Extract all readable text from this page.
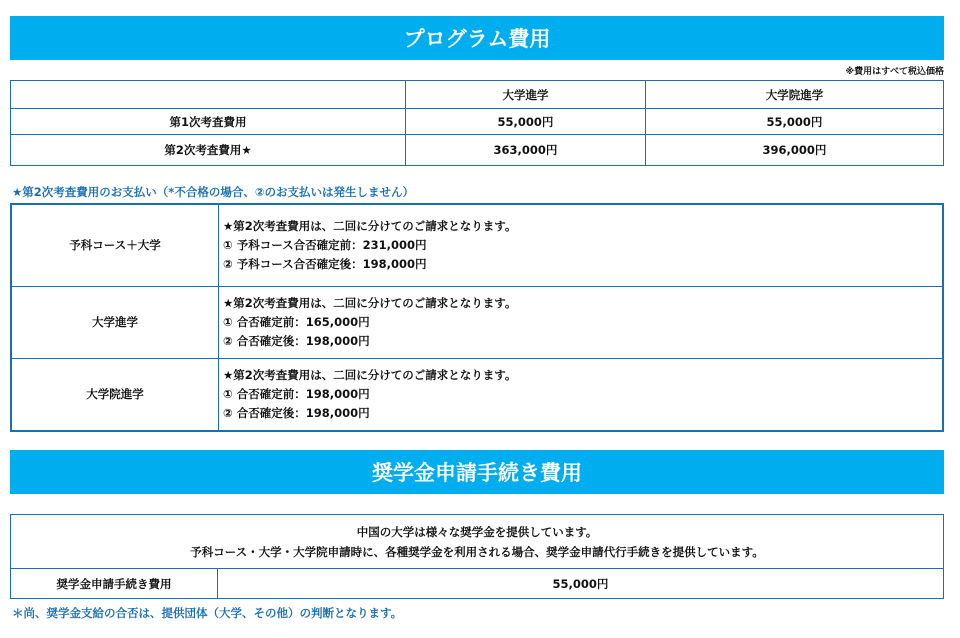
プログラム費用
※費用はすべて税込価格
	大学進学	大学院進学
第1次考査費用	55,000円	55,000円
第2次考査費用★	363,000円	396,000円
★第2次考査費用のお支払い（*不合格の場合、②のお支払いは発生しません）
予科コース＋大学	★第2次考査費用は、二回に分けてのご請求となります。
① 予科コース合否確定前：231,000円
② 予科コース合否確定後：198,000円

大学進学	★第2次考査費用は、二回に分けてのご請求となります。
① 合否確定前：165,000円
② 合否確定後：198,000円

大学院進学	★第2次考査費用は、二回に分けてのご請求となります。
① 合否確定前：198,000円
② 合否確定後：198,000円
奨学金申請手続き費用
中国の大学は様々な奨学金を提供しています。
予科コース・大学・大学院申請時に、各種奨学金を利用される場合、奨学金申請代行手続きを提供しています。

奨学金申請手続き費用	55,000円
＊尚、奨学金支給の合否は、提供団体（大学、その他）の判断となります。
